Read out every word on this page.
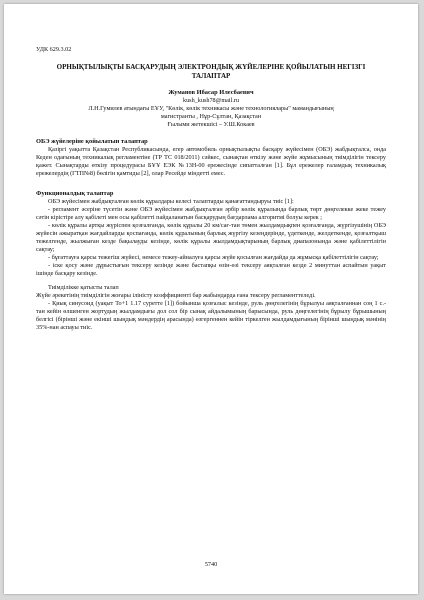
УДК 629.3.02
ОРНЫҚТЫЛЫҚТЫ БАСҚАРУДЫҢ ЭЛЕКТРОНДЫҚ ЖҮЙЕЛЕРІНЕ ҚОЙЫЛАТЫН НЕГІЗГІ ТАЛАПТАР
Жуманов Ибасар Илесбаевич
kush_kush78@mail.ru
Л.Н.Гумилев атындағы ЕҰУ, "Көлік, көлік техникасы және технологиялары" мамандығының
магистранты , Нұр-Сұлтан, Қазақстан
Ғылыми жетекшісі – У.Ш.Кокаев
ОБЭ жүйелеріне қойылатын талаптар

Қазіргі уақытта Қазақстан Республикасында, егер автомобиль орнықтылықты басқару жүйесімен (ОБЭ) жабдықталса, онда Кеден одағының техникалық регламентіне (ТР ТС 018/2011) сәйкес, сынақтан өткізу және жүйе жұмысының тиімділігін тексеру қажет. Сынақтарды өткізу процедурасы БҰҰ ЕЭК №13Н-00 ережесінде сипатталған [1]. Бұл ережелер ғаламдық техникалық ережелердің (ГТП№8) бөлігін қамтиды [2], олар Ресейде міндетті емес.

Функционалдық талаптар

ОБЭ жүйесімен жабдықталған көлік құралдары келесі талаптарды қанағаттандыруы тиіс [1]:

- регламент әсеріне түсетін және ОБЭ жүйесімен жабдықталған әрбір көлік құралында барлық төрт дөңгелекке жеке тежеу сәтін кірістіре алу қабілеті мен осы қабілетті пайдаланатын басқарудың бағдарлама алгоритмі болуы керек ;

- көлік құралы артқы жүріспен қозғалғанда, көлік құралы 20 км/сағ-тан төмен жылдамдықпен қозғалғанда, жүргізушінің ОБЭ жүйесін ажыратқан жағдайларды қоспағанда, көлік құралының барлық жүргізу кезеңдерінде, үдеткенде, желдеткенде, қозғалтқыш тежелгенде, жылжыған кезде бақылауды кезінде, көлік құралы жылдамдықтарының барлық диапазонында және қабілеттілігін сақтау;

- бұғаттауға қарсы тежегіш жүйесі, немесе тежеу-айналуға қарсы жүйе қосылған жағдайда да жұмысқа қабілеттілігін сақтау;

- іске қосу және дұрыстығын тексеру кезінде және бастапқы өзін-өзі тексеру аяқталған кезде 2 минуттан аспайтын уақыт ішінде басқару кезінде.

Тиімділікке қатысты талап

Жүйе әрекетінің тиімділігін жоғары іліністу коэффициенті бар жабындарда ғана тексеру регламенттеледі.

- Қиық синусоид (уақыт То+1 1.17 суретте [1]) бойынша қозғалыс кезінде, руль дөңгелегінің бұрылуы аяқталғаннан соң 1 с.-тан кейін өлшенген жортудың жылдамдығы дол сол бір сынақ айдалымының барысында, руль дөңгелегінің бұрылу бұрышының белгісі (бірінші және екінші шыңдық мәндердің арасында) өзгергеннен кейін тіркелген жылдамдығының бірінші шыңдық мәнінің 35%-нан аспауы тиіс.

5740
